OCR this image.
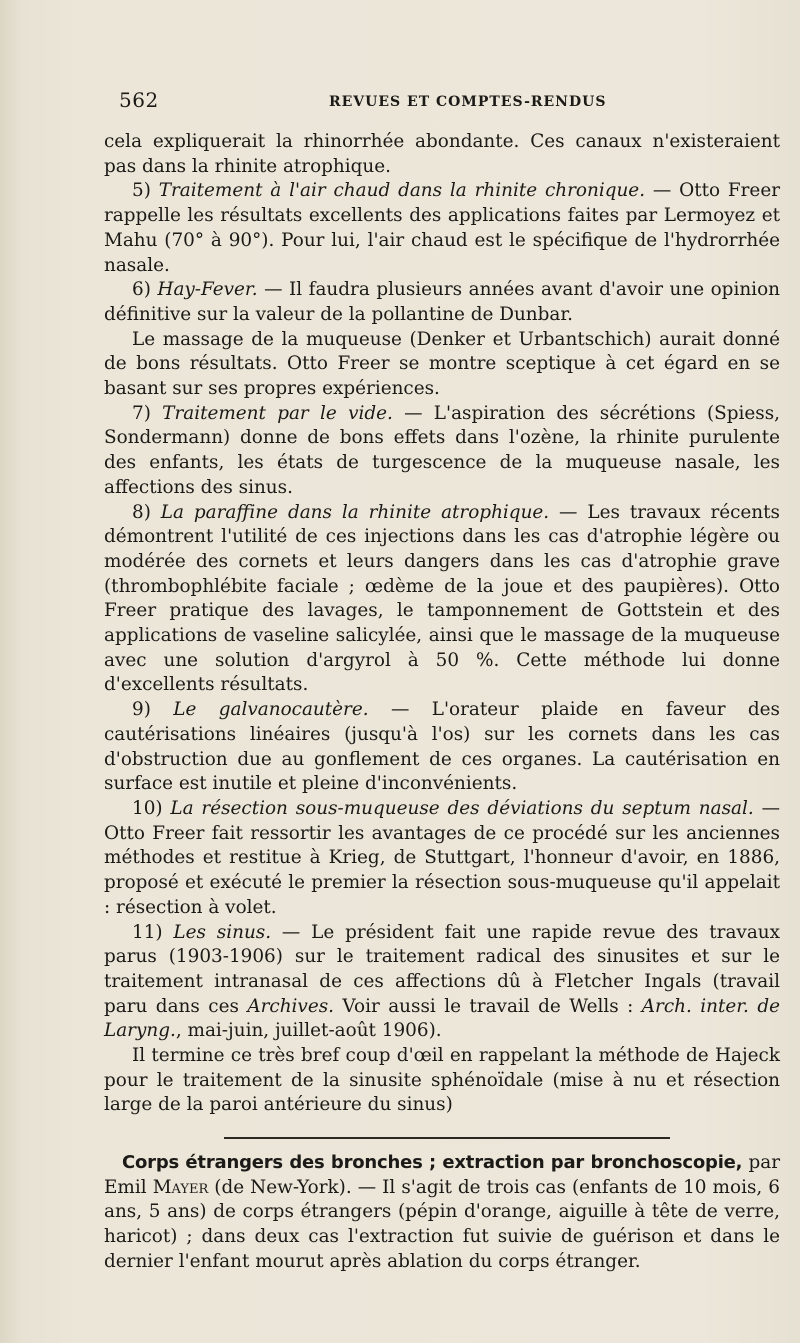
562	REVUES ET COMPTES-RENDUS

cela expliquerait la rhinorrhée abondante. Ces canaux n'existeraient pas dans la rhinite atrophique.

5) Traitement à l'air chaud dans la rhinite chronique. — Otto Freer rappelle les résultats excellents des applications faites par Lermoyez et Mahu (70° à 90°). Pour lui, l'air chaud est le spécifique de l'hydrorrhée nasale.

6) Hay-Fever. — Il faudra plusieurs années avant d'avoir une opinion définitive sur la valeur de la pollantine de Dunbar.

Le massage de la muqueuse (Denker et Urbantschich) aurait donné de bons résultats. Otto Freer se montre sceptique à cet égard en se basant sur ses propres expériences.

7) Traitement par le vide. — L'aspiration des sécrétions (Spiess, Sondermann) donne de bons effets dans l'ozène, la rhinite purulente des enfants, les états de turgescence de la muqueuse nasale, les affections des sinus.

8) La paraffine dans la rhinite atrophique. — Les travaux récents démontrent l'utilité de ces injections dans les cas d'atrophie légère ou modérée des cornets et leurs dangers dans les cas d'atrophie grave (thrombophlébite faciale ; œdème de la joue et des paupières). Otto Freer pratique des lavages, le tamponnement de Gottstein et des applications de vaseline salicylée, ainsi que le massage de la muqueuse avec une solution d'argyrol à 50 %. Cette méthode lui donne d'excellents résultats.

9) Le galvanocautère. — L'orateur plaide en faveur des cautérisations linéaires (jusqu'à l'os) sur les cornets dans les cas d'obstruction due au gonflement de ces organes. La cautérisation en surface est inutile et pleine d'inconvénients.

10) La résection sous-muqueuse des déviations du septum nasal. — Otto Freer fait ressortir les avantages de ce procédé sur les anciennes méthodes et restitue à Krieg, de Stuttgart, l'honneur d'avoir, en 1886, proposé et exécuté le premier la résection sous-muqueuse qu'il appelait : résection à volet.

11) Les sinus. — Le président fait une rapide revue des travaux parus (1903-1906) sur le traitement radical des sinusites et sur le traitement intranasal de ces affections dû à Fletcher Ingals (travail paru dans ces Archives. Voir aussi le travail de Wells : Arch. inter. de Laryng., mai-juin, juillet-août 1906).

Il termine ce très bref coup d'œil en rappelant la méthode de Hajeck pour le traitement de la sinusite sphénoïdale (mise à nu et résection large de la paroi antérieure du sinus)

Corps étrangers des bronches ; extraction par bronchoscopie, par Emil Mayer (de New-York). — Il s'agit de trois cas (enfants de 10 mois, 6 ans, 5 ans) de corps étrangers (pépin d'orange, aiguille à tête de verre, haricot) ; dans deux cas l'extraction fut suivie de guérison et dans le dernier l'enfant mourut après ablation du corps étranger.
